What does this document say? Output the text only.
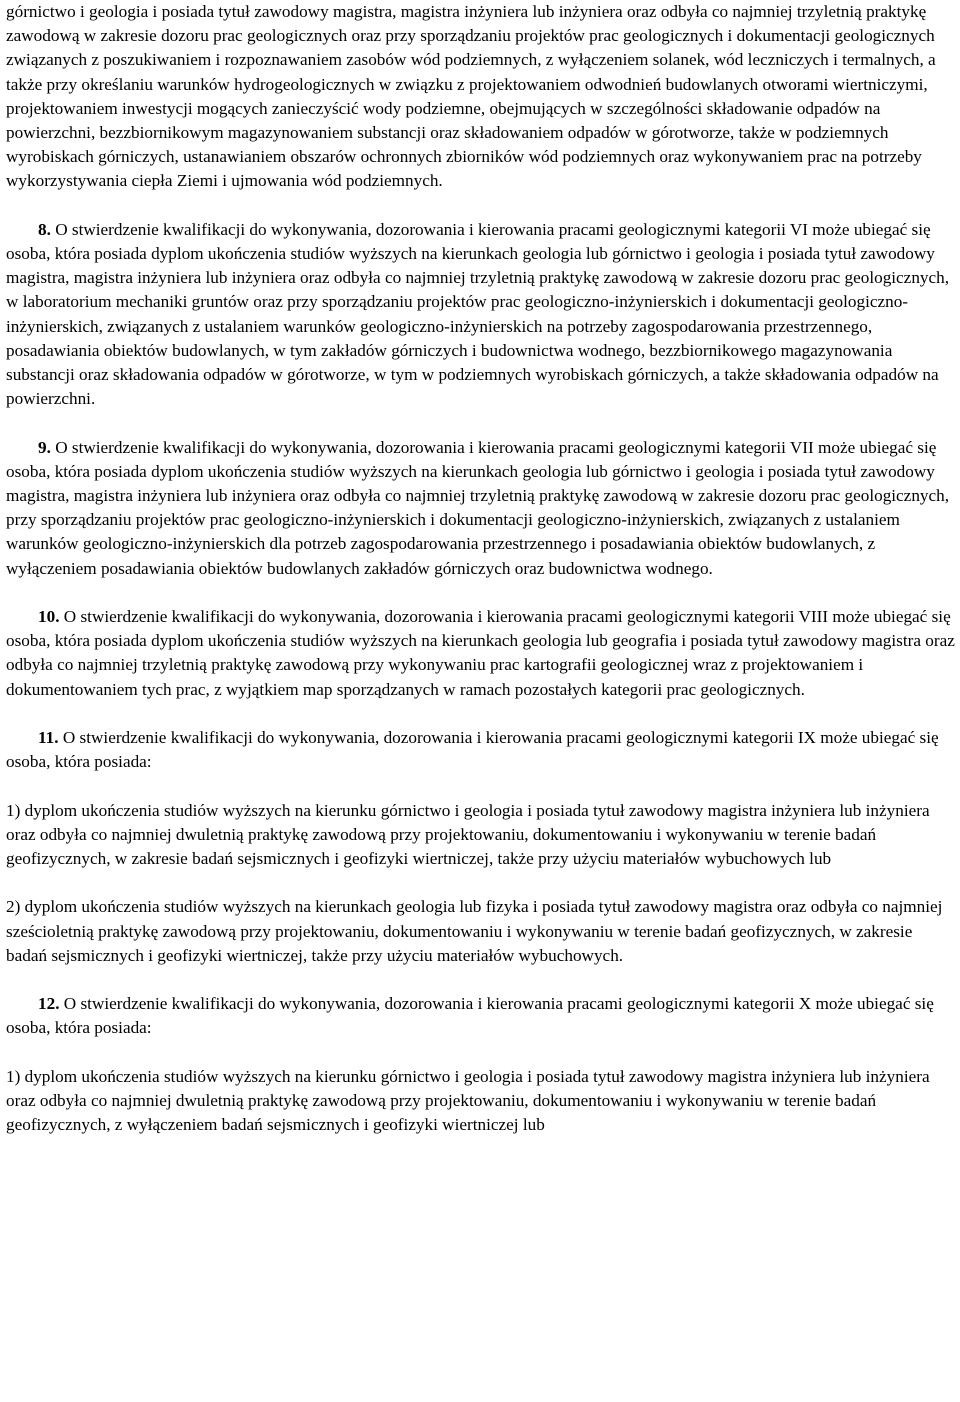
górnictwo i geologia i posiada tytuł zawodowy magistra, magistra inżyniera lub inżyniera oraz odbyła co najmniej trzyletnią praktykę zawodową w zakresie dozoru prac geologicznych oraz przy sporządzaniu projektów prac geologicznych i dokumentacji geologicznych związanych z poszukiwaniem i rozpoznawaniem zasobów wód podziemnych, z wyłączeniem solanek, wód leczniczych i termalnych, a także przy określaniu warunków hydrogeologicznych w związku z projektowaniem odwodnień budowlanych otworami wiertniczymi, projektowaniem inwestycji mogących zanieczyścić wody podziemne, obejmujących w szczególności składowanie odpadów na powierzchni, bezzbiornikowym magazynowaniem substancji oraz składowaniem odpadów w górotworze, także w podziemnych wyrobiskach górniczych, ustanawianiem obszarów ochronnych zbiorników wód podziemnych oraz wykonywaniem prac na potrzeby wykorzystywania ciepła Ziemi i ujmowania wód podziemnych.

8. O stwierdzenie kwalifikacji do wykonywania, dozorowania i kierowania pracami geologicznymi kategorii VI może ubiegać się osoba, która posiada dyplom ukończenia studiów wyższych na kierunkach geologia lub górnictwo i geologia i posiada tytuł zawodowy magistra, magistra inżyniera lub inżyniera oraz odbyła co najmniej trzyletnią praktykę zawodową w zakresie dozoru prac geologicznych, w laboratorium mechaniki gruntów oraz przy sporządzaniu projektów prac geologiczno-inżynierskich i dokumentacji geologiczno-inżynierskich, związanych z ustalaniem warunków geologiczno-inżynierskich na potrzeby zagospodarowania przestrzennego, posadawiania obiektów budowlanych, w tym zakładów górniczych i budownictwa wodnego, bezzbiornikowego magazynowania substancji oraz składowania odpadów w górotworze, w tym w podziemnych wyrobiskach górniczych, a także składowania odpadów na powierzchni.

9. O stwierdzenie kwalifikacji do wykonywania, dozorowania i kierowania pracami geologicznymi kategorii VII może ubiegać się osoba, która posiada dyplom ukończenia studiów wyższych na kierunkach geologia lub górnictwo i geologia i posiada tytuł zawodowy magistra, magistra inżyniera lub inżyniera oraz odbyła co najmniej trzyletnią praktykę zawodową w zakresie dozoru prac geologicznych, przy sporządzaniu projektów prac geologiczno-inżynierskich i dokumentacji geologiczno-inżynierskich, związanych z ustalaniem warunków geologiczno-inżynierskich dla potrzeb zagospodarowania przestrzennego i posadawiania obiektów budowlanych, z wyłączeniem posadawiania obiektów budowlanych zakładów górniczych oraz budownictwa wodnego.

10. O stwierdzenie kwalifikacji do wykonywania, dozorowania i kierowania pracami geologicznymi kategorii VIII może ubiegać się osoba, która posiada dyplom ukończenia studiów wyższych na kierunkach geologia lub geografia i posiada tytuł zawodowy magistra oraz odbyła co najmniej trzyletnią praktykę zawodową przy wykonywaniu prac kartografii geologicznej wraz z projektowaniem i dokumentowaniem tych prac, z wyjątkiem map sporządzanych w ramach pozostałych kategorii prac geologicznych.

11. O stwierdzenie kwalifikacji do wykonywania, dozorowania i kierowania pracami geologicznymi kategorii IX może ubiegać się osoba, która posiada:

1) dyplom ukończenia studiów wyższych na kierunku górnictwo i geologia i posiada tytuł zawodowy magistra inżyniera lub inżyniera oraz odbyła co najmniej dwuletnią praktykę zawodową przy projektowaniu, dokumentowaniu i wykonywaniu w terenie badań geofizycznych, w zakresie badań sejsmicznych i geofizyki wiertniczej, także przy użyciu materiałów wybuchowych lub

2) dyplom ukończenia studiów wyższych na kierunkach geologia lub fizyka i posiada tytuł zawodowy magistra oraz odbyła co najmniej sześcioletnią praktykę zawodową przy projektowaniu, dokumentowaniu i wykonywaniu w terenie badań geofizycznych, w zakresie badań sejsmicznych i geofizyki wiertniczej, także przy użyciu materiałów wybuchowych.

12. O stwierdzenie kwalifikacji do wykonywania, dozorowania i kierowania pracami geologicznymi kategorii X może ubiegać się osoba, która posiada:

1) dyplom ukończenia studiów wyższych na kierunku górnictwo i geologia i posiada tytuł zawodowy magistra inżyniera lub inżyniera oraz odbyła co najmniej dwuletnią praktykę zawodową przy projektowaniu, dokumentowaniu i wykonywaniu w terenie badań geofizycznych, z wyłączeniem badań sejsmicznych i geofizyki wiertniczej lub
